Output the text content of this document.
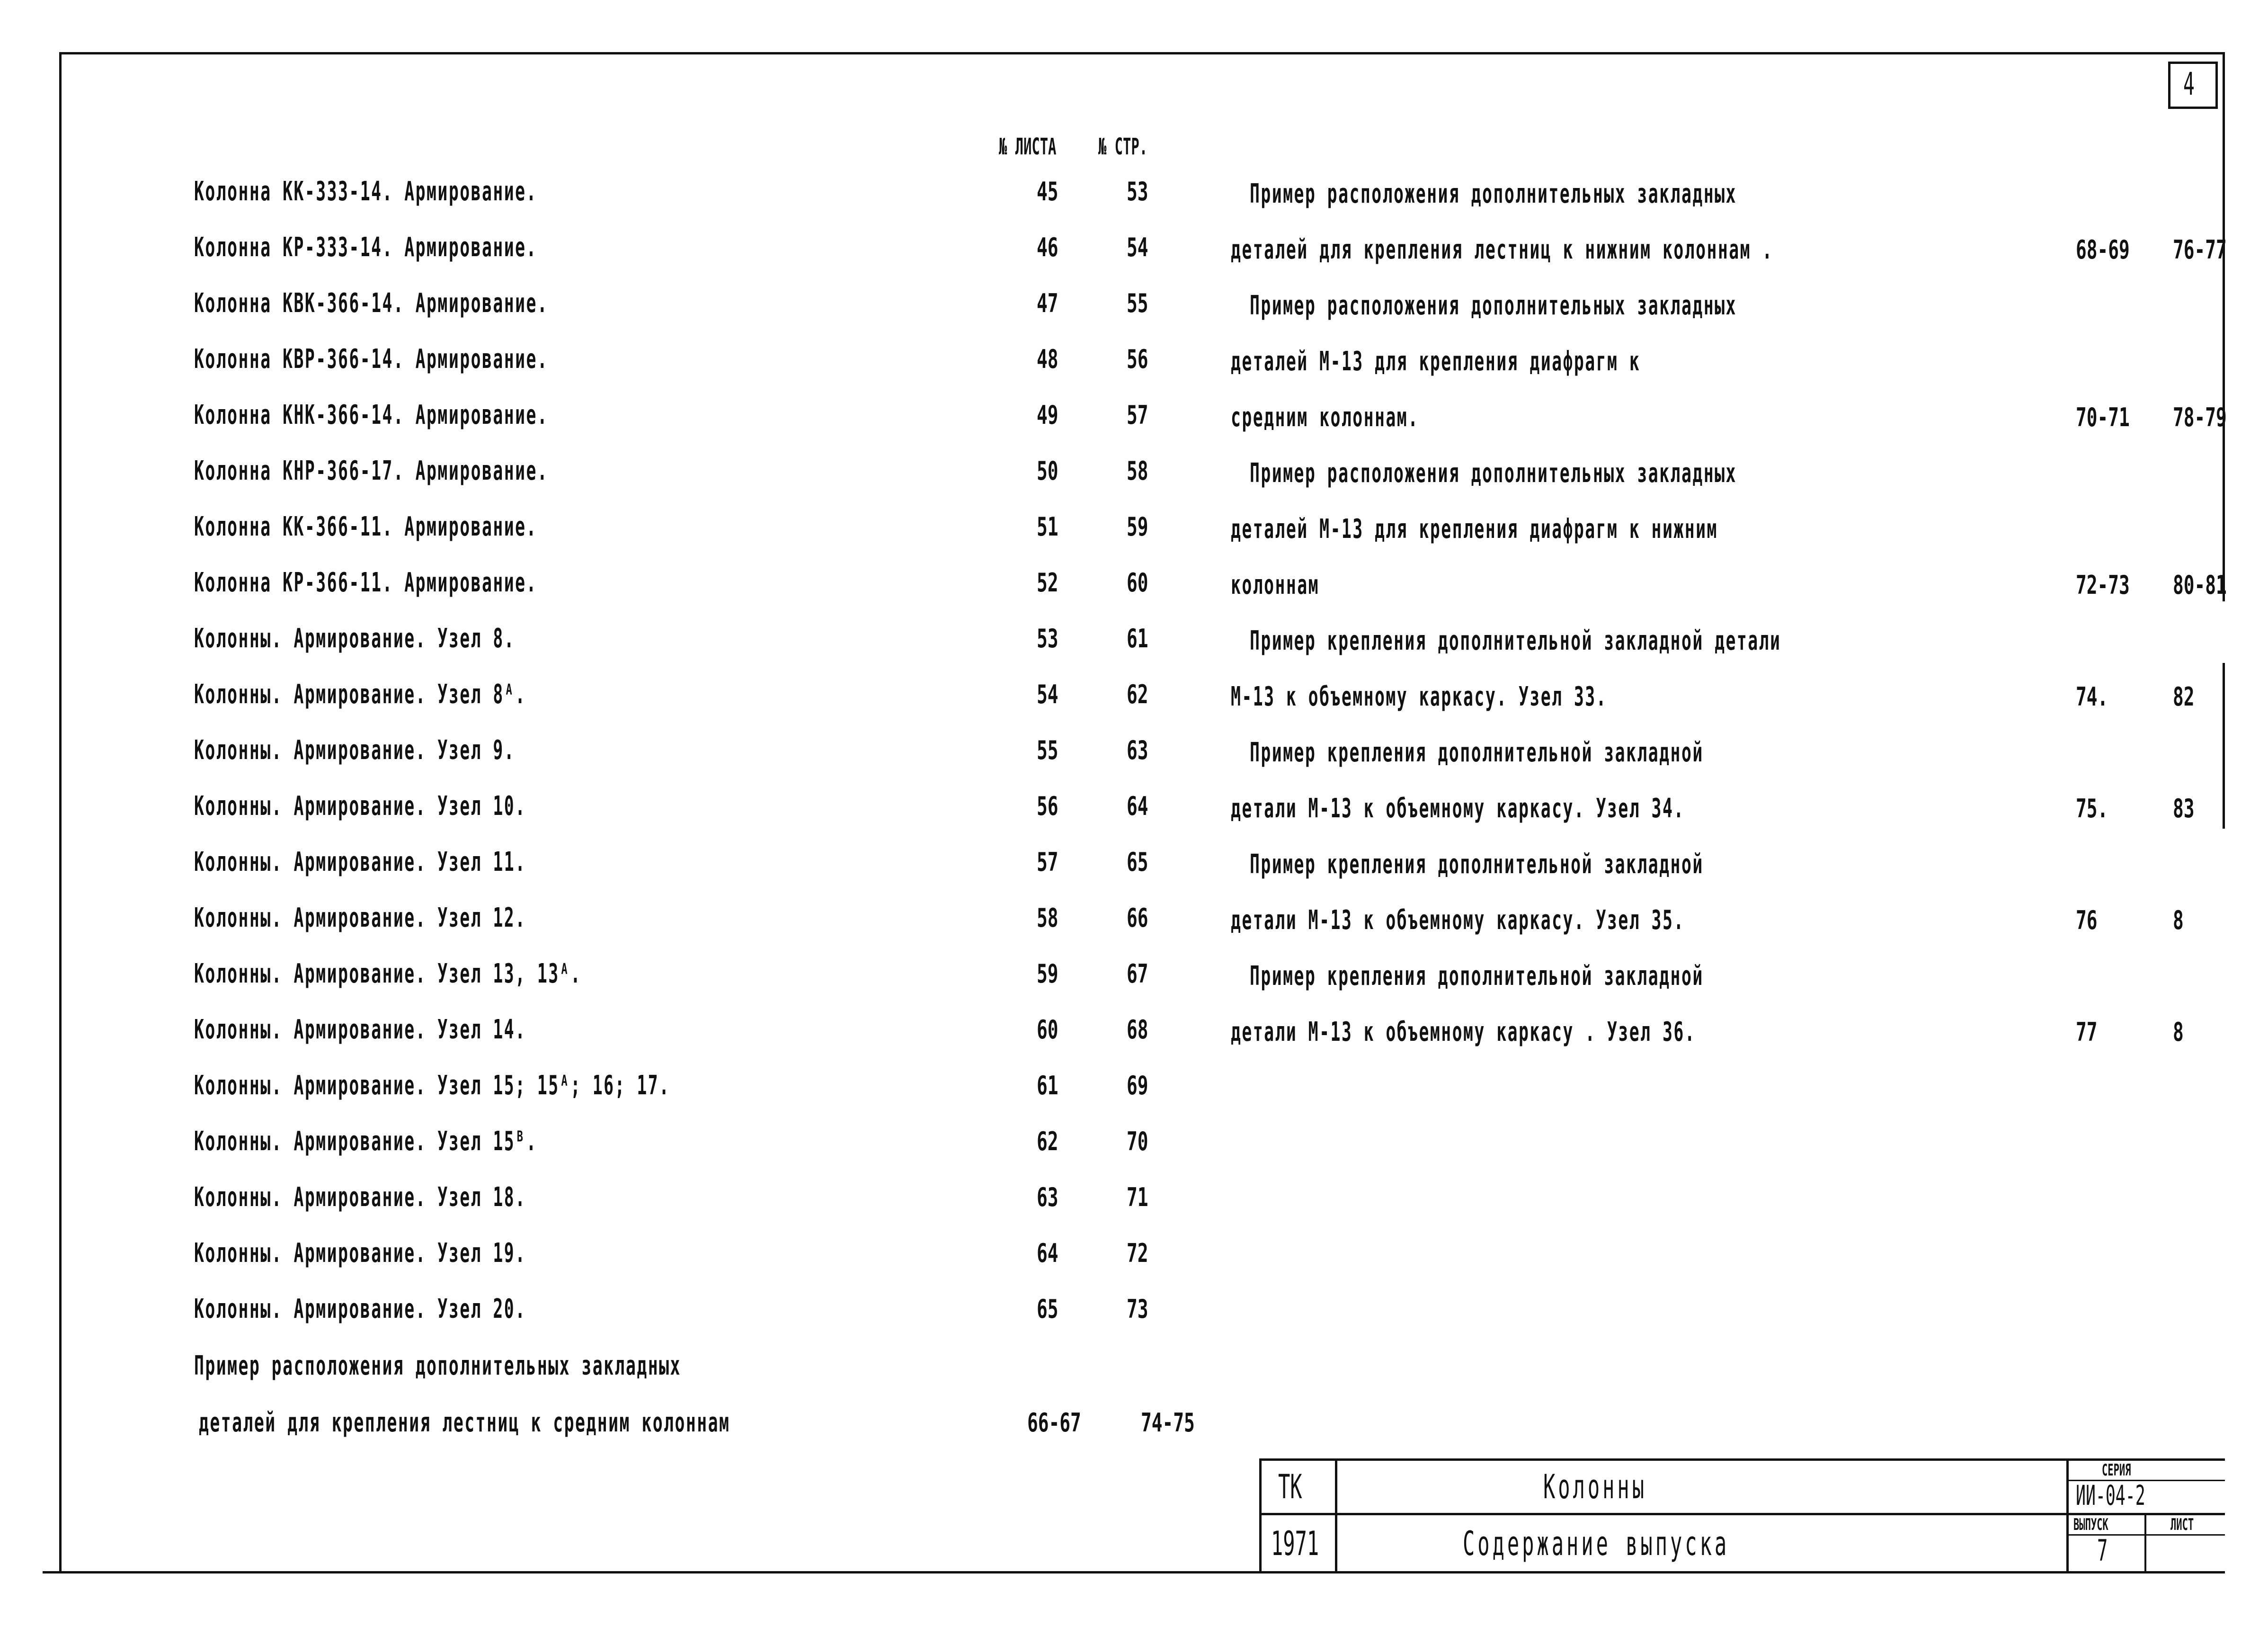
4
№ ЛИСТА № СТР.
Колонна КК-333-14. Армирование.	45	53
Колонна КР-333-14. Армирование.	46	54
Колонна КВК-366-14. Армирование.	47	55
Колонна КВР-366-14. Армирование.	48	56
Колонна КНК-366-14. Армирование.	49	57
Колонна КНР-366-17. Армирование.	50	58
Колонна КК-366-11. Армирование.	51	59
Колонна КР-366-11. Армирование.	52	60
Колонны. Армирование. Узел 8.	53	61
Колонны. Армирование. Узел 8ᴬ.	54	62
Колонны. Армирование. Узел 9.	55	63
Колонны. Армирование. Узел 10.	56	64
Колонны. Армирование. Узел 11.	57	65
Колонны. Армирование. Узел 12.	58	66
Колонны. Армирование. Узел 13, 13ᴬ.	59	67
Колонны. Армирование. Узел 14.	60	68
Колонны. Армирование. Узел 15; 15ᴬ; 16; 17.	61	69
Колонны. Армирование. Узел 15ᴮ.	62	70
Колонны. Армирование. Узел 18.	63	71
Колонны. Армирование. Узел 19.	64	72
Колонны. Армирование. Узел 20.	65	73
Пример расположения дополнительных закладных
деталей для крепления лестниц к средним колоннам	66-67 74-75
Пример расположения дополнительных закладных
деталей для крепления лестниц к нижним колоннам .	68-69 76-77
Пример расположения дополнительных закладных
деталей М-13 для крепления диафрагм к
средним колоннам.	70-71 78-79
Пример расположения дополнительных закладных
деталей М-13 для крепления диафрагм к нижним
колоннам	72-73 80-81
Пример крепления дополнительной закладной детали
М-13 к объемному каркасу. Узел 33.	74.	82
Пример крепления дополнительной закладной
детали М-13 к объемному каркасу. Узел 34.	75.	83
Пример крепления дополнительной закладной
детали М-13 к объемному каркасу. Узел 35.	76	8
Пример крепления дополнительной закладной
детали М-13 к объемному каркасу . Узел 36.	77	8
ТК
1971
Колонны
Содержание выпуска
СЕРИЯ
ИИ-04-2
ВЫПУСК	ЛИСТ
7
